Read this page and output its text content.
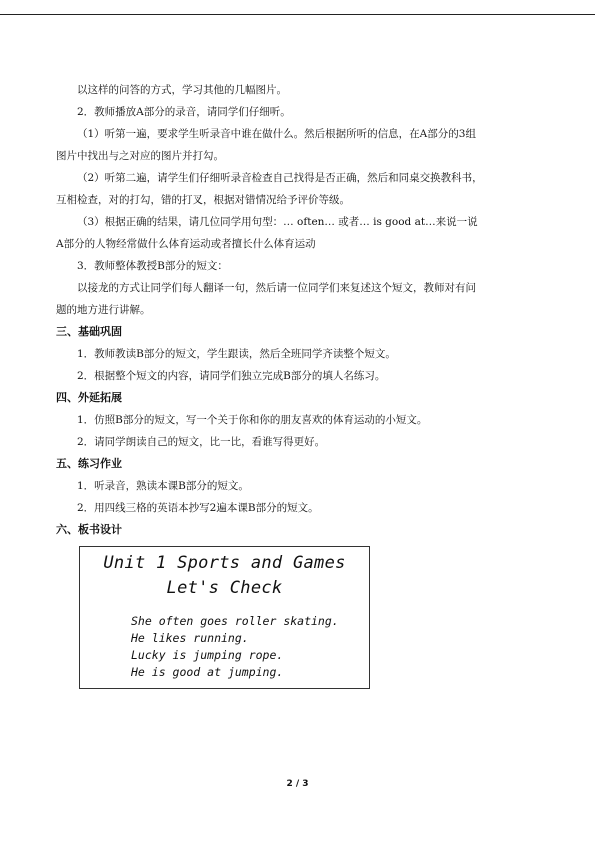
以这样的问答的方式，学习其他的几幅图片。
2．教师播放A部分的录音，请同学们仔细听。
（1）听第一遍，要求学生听录音中谁在做什么。然后根据所听的信息，在A部分的3组
图片中找出与之对应的图片并打勾。
（2）听第二遍，请学生们仔细听录音检查自己找得是否正确，然后和同桌交换教科书，
互相检查，对的打勾，错的打叉，根据对错情况给予评价等级。
（3）根据正确的结果，请几位同学用句型：… often… 或者… is good at…来说一说
A部分的人物经常做什么体育运动或者擅长什么体育运动
3．教师整体教授B部分的短文：
以接龙的方式让同学们每人翻译一句，然后请一位同学们来复述这个短文，教师对有问
题的地方进行讲解。
三、基础巩固
1．教师教读B部分的短文，学生跟读，然后全班同学齐读整个短文。
2．根据整个短文的内容，请同学们独立完成B部分的填人名练习。
四、外延拓展
1．仿照B部分的短文，写一个关于你和你的朋友喜欢的体育运动的小短文。
2．请同学朗读自己的短文，比一比，看谁写得更好。
五、练习作业
1．听录音，熟读本课B部分的短文。
2．用四线三格的英语本抄写2遍本课B部分的短文。
六、板书设计
Unit 1 Sports and Games
Let's Check
She often goes roller skating.
He likes running.
Lucky is jumping rope.
He is good at jumping.
2 / 3
